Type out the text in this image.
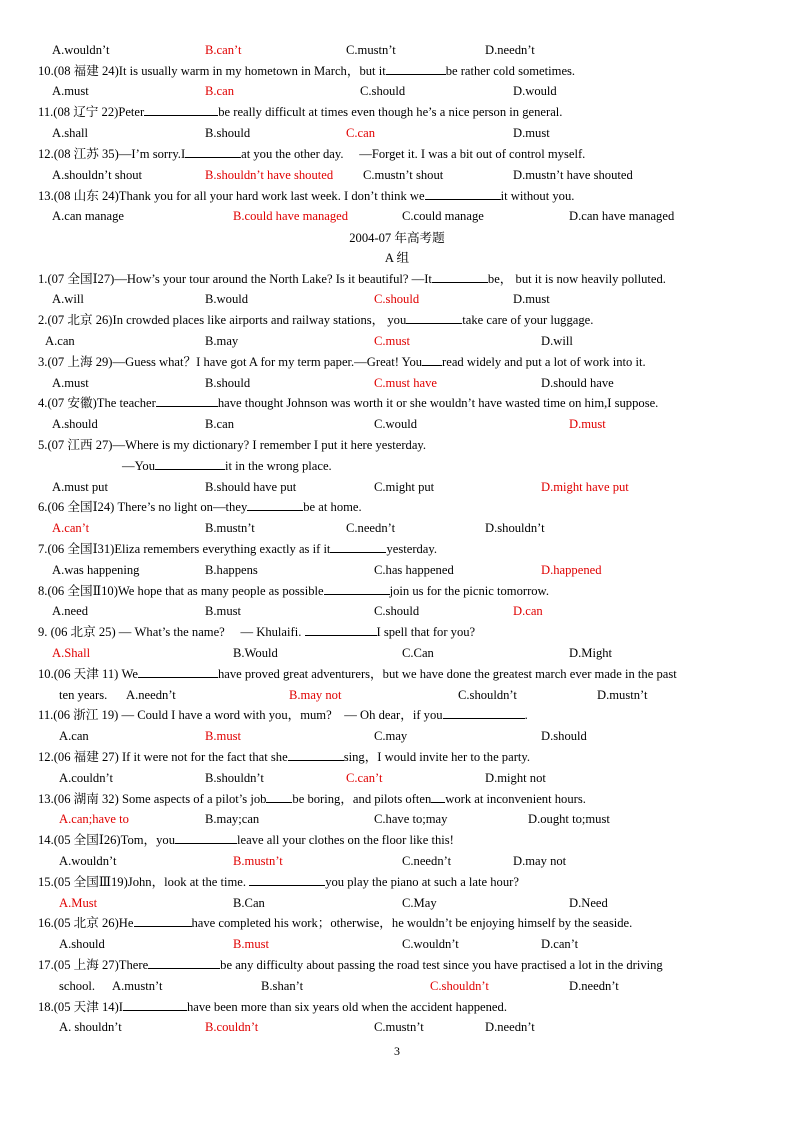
A.wouldn’t	B.can’t	C.mustn’t	D.needn’t
10.(08 福建 24)It is usually warm in my hometown in March，but it	be rather cold sometimes.
A.must	B.can	C.should	D.would
11.(08 辽宁 22)Peter	be really difficult at times even though he’s a nice person in general.
A.shall	B.should	C.can	D.must
12.(08 江苏 35)—I’m sorry.I	at you the other day.　 —Forget it. I was a bit out of control myself.
A.shouldn’t shout	B.shouldn’t have shouted C.mustn’t shout	D.mustn’t have shouted
13.(08 山东 24)Thank you for all your hard work last week. I don’t think we	it without you.
A.can manage	B.could have managed	C.could manage	D.can have managed
2004-07 年高考题
A 组
1.(07 全国Ⅰ27)—How’s your tour around the North Lake? Is it beautiful? —It	be， but it is now heavily polluted.
A.will	B.would	C.should	D.must
2.(07 北京 26)In crowded places like airports and railway stations， you	take care of your luggage.
A.can	B.may	C.must	D.will
3.(07 上海 29)—Guess what？I have got A for my term paper.—Great! You read widely and put a lot of work into it.
A.must	B.should	C.must have	D.should have
4.(07 安徽)The teacher	have thought Johnson was worth it or she wouldn’t have wasted time on him,I suppose.
A.should	B.can	C.would	D.must
5.(07 江西 27)—Where is my dictionary? I remember I put it here yesterday.
—You	it in the wrong place.
A.must put	B.should have put	C.might put	D.might have put
6.(06 全国Ⅰ24) There’s no light on—they	be at home.
A.can’t	B.mustn’t	C.needn’t	D.shouldn’t
7.(06 全国Ⅰ31)Eliza remembers everything exactly as if it	yesterday.
A.was happening	B.happens	C.has happened	D.happened
8.(06 全国Ⅱ10)We hope that as many people as possible	join us for the picnic tomorrow.
A.need	B.must	C.should	D.can
9. (06 北京 25) — What’s the name?　 — Khulaifi.	I spell that for you?
A.Shall	B.Would	C.Can	D.Might
10.(06 天津 11) We	have proved great adventurers，but we have done the greatest march ever made in the past
ten years. A.needn’t	B.may not	C.shouldn’t	D.mustn’t
11.(06 浙江 19) — Could I have a word with you，mum?　— Oh dear，if you	.
A.can	B.must	C.may	D.should
12.(06 福建 27) If it were not for the fact that she	sing，I would invite her to the party.
A.couldn’t	B.shouldn’t	C.can’t	D.might not
13.(06 湖南 32) Some aspects of a pilot’s job be boring，and pilots often work at inconvenient hours.
A.can;have to	B.may;can	C.have to;may	D.ought to;must
14.(05 全国Ⅰ26)Tom，you	leave all your clothes on the floor like this!
A.wouldn’t	B.mustn’t	C.needn’t	D.may not
15.(05 全国Ⅲ19)John，look at the time.	you play the piano at such a late hour?
A.Must	B.Can	C.May	D.Need
16.(05 北京 26)He	have completed his work；otherwise，he wouldn’t be enjoying himself by the seaside.
A.should	B.must	C.wouldn’t	D.can’t
17.(05 上海 27)There	be any difficulty about passing the road test since you have practised a lot in the driving
school. A.mustn’t	B.shan’t	C.shouldn’t	D.needn’t
18.(05 天津 14)I	have been more than six years old when the accident happened.
A. shouldn’t	B.couldn’t	C.mustn’t	D.needn’t
3
